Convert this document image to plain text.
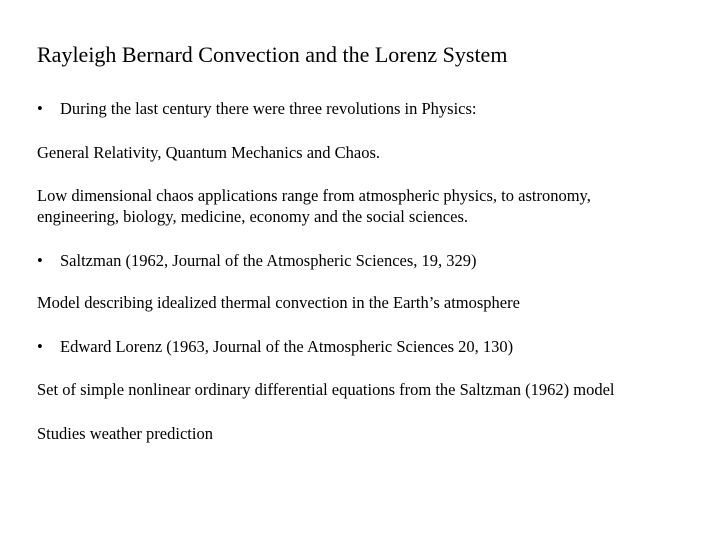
Rayleigh Bernard Convection and the Lorenz System
• During the last century there were three revolutions in Physics:
General Relativity, Quantum Mechanics and Chaos.
Low dimensional chaos applications range from atmospheric physics, to astronomy,
engineering, biology, medicine, economy and the social sciences.
• Saltzman (1962, Journal of the Atmospheric Sciences, 19, 329)
Model describing idealized thermal convection in the Earth’s atmosphere
• Edward Lorenz (1963, Journal of the Atmospheric Sciences 20, 130)
Set of simple nonlinear ordinary differential equations from the Saltzman (1962) model
Studies weather prediction
